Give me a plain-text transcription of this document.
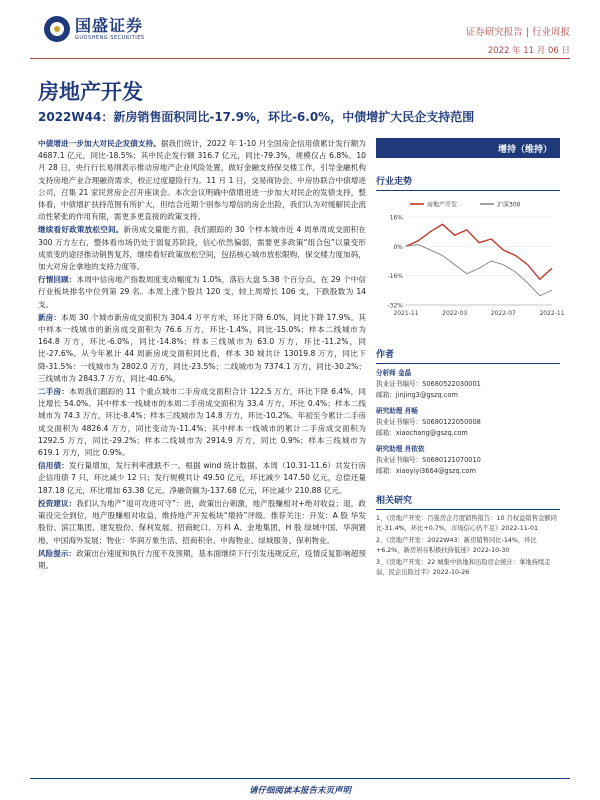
国盛证券
GUOSHENG SECURITIES	证券研究报告 | 行业周报
2022 年 11 月 06 日
房地产开发
2022W44：新房销售面积同比-17.9%，环比-6.0%，中债增扩大民企支持范围

中债增进一步加大对民企发债支持。据我们统计，2022 年 1-10 月全国房企信用债累计发行额为 4687.1 亿元，同比-18.5%；其中民企发行额 316.7 亿元，同比-79.3%，规模仅占 6.8%。10 月 28 日，央行行长易纲表示推动房地产企业风险处置，做好金融支持保交楼工作，引导金融机构支持房地产业合理融资需求，校正过度避险行为。11 月 1 日，交易商协会、中房协联合中债增进公司，召集 21 家民营房企召开座谈会。本次会议明确中债增进进一步加大对民企的发债支持，整体看，中债增扩扶持范围有所扩大，但结合近期个别参与增信的房企出险，我们认为对缓解民企流动性紧张的作用有限，需更多更直接的政策支持。

继续看好政策放松空间。新房成交量能方面，我们跟踪的 30 个样本城市近 4 周单周成交面积在 300 万方左右，整体看市场仍处于弱复苏阶段，信心依然偏弱，需要更多政策“组合包”以量变形成质变的途径推动销售复苏，继续看好政策放松空间，包括核心城市放松限购，保交楼力度加码，加大对房企拿地的支持力度等。

行情回顾：本周中信房地产指数周度变动幅度为 1.0%，落后大盘 5.38 个百分点，在 29 个中信行业板块排名中位列第 29 名。本周上涨个股共 120 支，较上周增长 106 支，下跌股数为 14 支。

新房：本周 30 个城市新房成交面积为 304.4 万平方米，环比下降 6.0%，同比下降 17.9%。其中样本一线城市的新房成交面积为 76.6 万方，环比-1.4%，同比-15.0%；样本二线城市为 164.8 万方，环比-6.0%，同比-14.8%；样本三线城市为 63.0 万方，环比-11.2%，同比-27.6%。从今年累计 44 周新房成交面积同比看，样本 30 城共计 13019.8 万方，同比下降-31.5%：一线城市为 2802.0 万方，同比-23.5%；二线城市为 7374.1 万方，同比-30.2%；三线城市为 2843.7 万方，同比-40.6%。

二手房：本周我们跟踪的 11 个重点城市二手房成交面积合计 122.5 万方，环比下降 6.4%，同比增长 54.0%。其中样本一线城市的本周二手房成交面积为 33.4 万方，环比 0.4%；样本二线城市为 74.3 万方，环比-8.4%；样本三线城市为 14.8 万方，环比-10.2%。年初至今累计二手房成交面积为 4826.4 万方，同比变动为-11.4%；其中样本一线城市的累计二手房成交面积为 1292.5 万方，同比-29.2%；样本二线城市为 2914.9 万方，同比 0.9%；样本三线城市为 619.1 万方，同比 0.9%。

信用债：发行量增加，发行利率涨跌不一。根据 wind 统计数据，本周（10.31-11.6）共发行房企信用债 7 只，环比减少 12 只；发行规模共计 49.50 亿元，环比减少 147.50 亿元，总偿还量 187.18 亿元，环比增加 63.38 亿元，净融资额为-137.68 亿元，环比减少 210.88 亿元。

投资建议：我们认为地产“退可攻进可守”：进，政策出台刺激，地产股赚相对+绝对收益；退，政策没完全到位，地产股赚相对收益，维持地产开发板块“增持”评级。推荐关注：开发：A 股 华发股份、滨江集团、建发股份、保利发展、招商蛇口、万科 A、金地集团，H 股 绿城中国、华润置地、中国海外发展；物业：华润万象生活、招商积余、中海物业、绿城服务、保利物业。

风险提示：政策出台速度和执行力度不及预期，基本面继续下行引发违规反应，疫情反复影响超预期。

增持（维持）
行业走势
16%
0%
-16%
-32%
2021-11	2022-03	2022-07	2022-11
房地产开发	沪深300
作者
分析师 金晶
执业证书编号：S0680522030001
邮箱：jinjing3@gszq.com
研究助理 肖畅
执业证书编号：S0680122050008
邮箱：xiaochang@gszq.com
研究助理 肖依依
执业证书编号：S0680121070010
邮箱：xiaoyiyi3664@gszq.com
相关研究
1、《房地产开发：百强房企月度销售报告：10 月权益销售金额同比-31.4%，环比+0.7%，市场信心仍不足》2022-11-01
2、《房地产开发：2022W43：新房销售同比-14%，环比+6.2%，新房居存积极扶持低迷》2022-10-30
3、《房地产开发：22 城集中供地和出险房企统计：拿地持续走弱，民企出险过半》2022-10-26
请仔细阅读本报告末页声明
